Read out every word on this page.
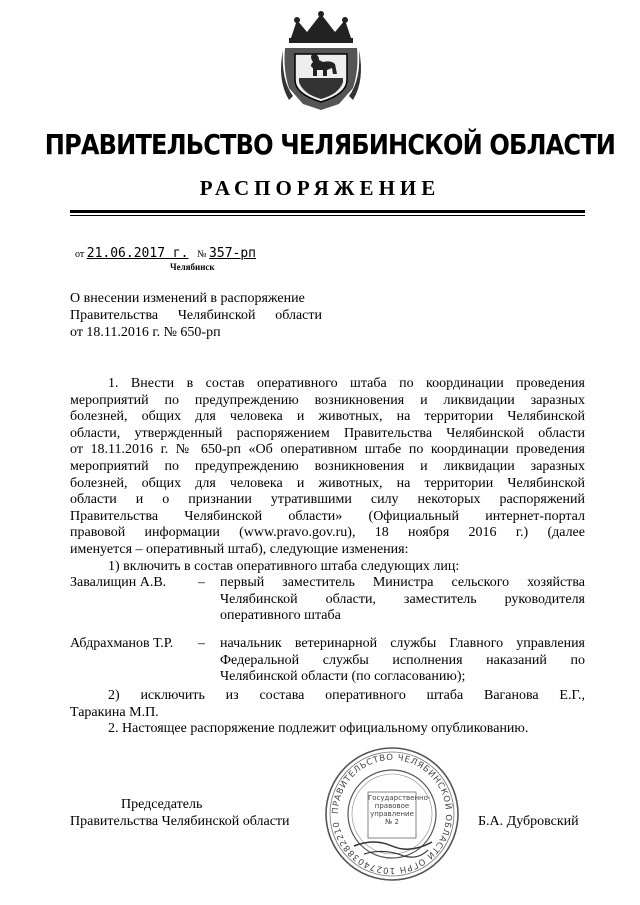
ПРАВИТЕЛЬСТВО ЧЕЛЯБИНСКОЙ ОБЛАСТИ
РАСПОРЯЖЕНИЕ
от 21.06.2017 г. № 357-рп
Челябинск
О внесении изменений в распоряжение
Правительства Челябинской области
от 18.11.2016 г. № 650-рп
1. Внести в состав оперативного штаба по координации проведения
мероприятий по предупреждению возникновения и ликвидации заразных
болезней, общих для человека и животных, на территории Челябинской
области, утвержденный распоряжением Правительства Челябинской области
от 18.11.2016 г. № 650-рп «Об оперативном штабе по координации проведения
мероприятий по предупреждению возникновения и ликвидации заразных
болезней, общих для человека и животных, на территории Челябинской
области и о признании утратившими силу некоторых распоряжений
Правительства Челябинской области» (Официальный интернет-портал
правовой информации (www.pravo.gov.ru), 18 ноября 2016 г.) (далее
именуется – оперативный штаб), следующие изменения:
1) включить в состав оперативного штаба следующих лиц:
Завалищин А.В. – первый заместитель Министра сельского хозяйства
Челябинской области, заместитель руководителя
оперативного штаба
Абдрахманов Т.Р. – начальник ветеринарной службы Главного управления
Федеральной службы исполнения наказаний по
Челябинской области (по согласованию);
2) исключить из состава оперативного штаба Ваганова Е.Г.,
Таракина М.П.
2. Настоящее распоряжение подлежит официальному опубликованию.
Председатель
Правительства Челябинской области	Б.А. Дубровский
ПРАВИТЕЛЬСТВО ЧЕЛЯБИНСКОЙ ОБЛАСТИ ОГРН 1027403882210
Государственно-правовое управление № 2
